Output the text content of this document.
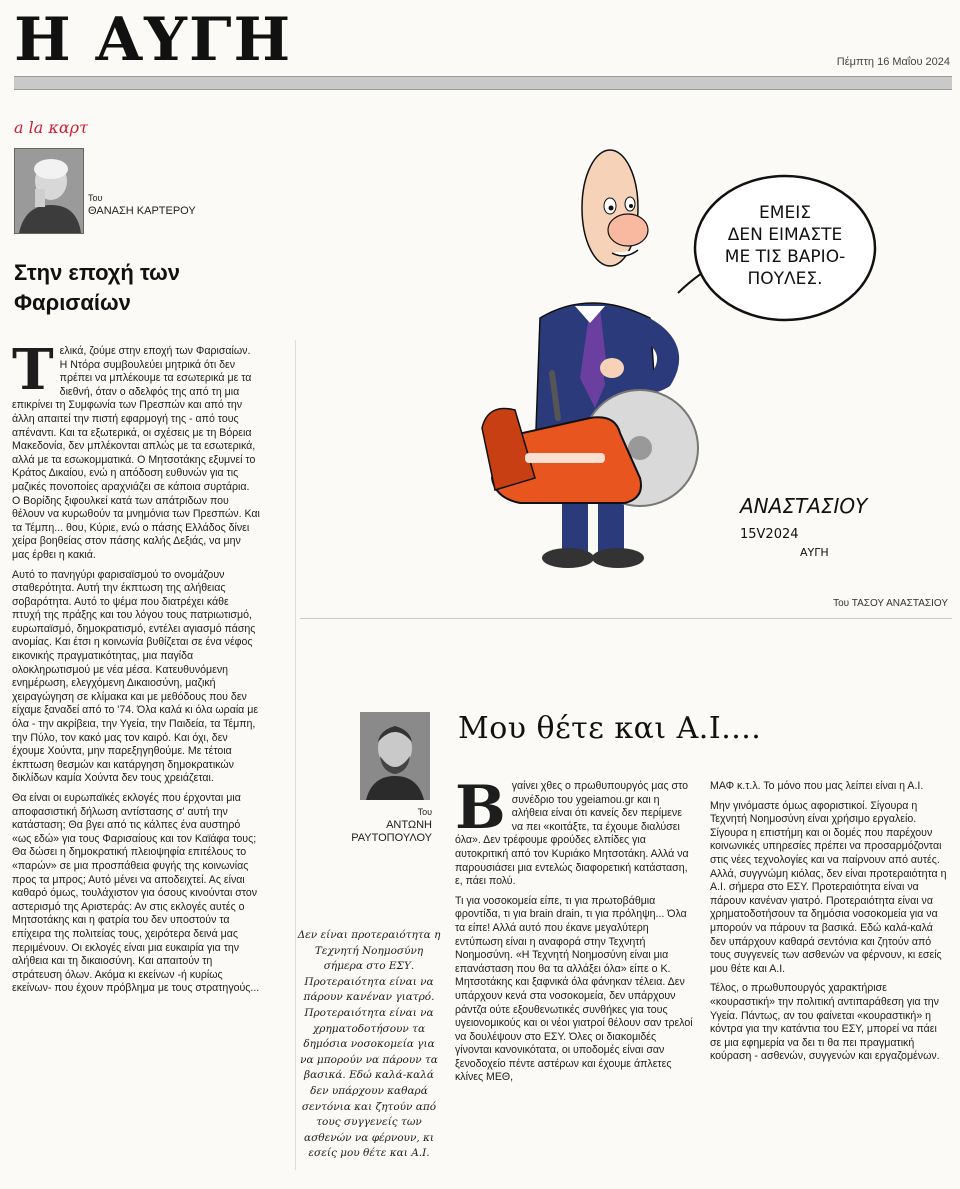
Η ΑΥΓΗ	Πέμπτη 16 Μαΐου 2024
a la καρτ
Του
ΘΑΝΑΣΗ ΚΑΡΤΕΡΟΥ
Στην εποχή των Φαρισαίων

Τελικά, ζούμε στην εποχή των Φαρισαίων. Η Ντόρα συμβουλεύει μητρικά ότι δεν πρέπει να μπλέκουμε τα εσωτερικά με τα διεθνή, όταν ο αδελφός της από τη μια επικρίνει τη Συμφωνία των Πρεσπών και από την άλλη απαιτεί την πιστή εφαρμογή της - από τους απέναντι. Και τα εξωτερικά, οι σχέσεις με τη Βόρεια Μακεδονία, δεν μπλέκονται απλώς με τα εσωτερικά, αλλά με τα εσωκομματικά. Ο Μητσοτάκης εξυμνεί το Κράτος Δικαίου, ενώ η απόδοση ευθυνών για τις μαζικές πονοποίες αραχνιάζει σε κάποια συρτάρια. Ο Βορίδης ξιφουλκεί κατά των απάτριδων που θέλουν να κυρωθούν τα μνημόνια των Πρεσπών. Και τα Τέμπη... θου, Κύριε, ενώ ο πάσης Ελλάδος δίνει χείρα βοηθείας στον πάσης καλής Δεξιάς, να μην μας έρθει η κακιά.

Αυτό το πανηγύρι φαρισαϊσμού το ονομάζουν σταθερότητα. Αυτή την έκπτωση της αλήθειας σοβαρότητα. Αυτό το ψέμα που διατρέχει κάθε πτυχή της πράξης και του λόγου τους πατριωτισμό, ευρωπαϊσμό, δημοκρατισμό, εντέλει αγιασμό πάσης ανομίας. Και έτσι η κοινωνία βυθίζεται σε ένα νέφος εικονικής πραγματικότητας, μια παγίδα ολοκληρωτισμού με νέα μέσα. Κατευθυνόμενη ενημέρωση, ελεγχόμενη Δικαιοσύνη, μαζική χειραγώγηση σε κλίμακα και με μεθόδους που δεν είχαμε ξαναδεί από το '74. Όλα καλά κι όλα ωραία με όλα - την ακρίβεια, την Υγεία, την Παιδεία, τα Τέμπη, την Πύλο, τον κακό μας τον καιρό. Και όχι, δεν έχουμε Χούντα, μην παρεξηγηθούμε. Με τέτοια έκπτωση θεσμών και κατάργηση δημοκρατικών δικλίδων καμία Χούντα δεν τους χρειάζεται.

Θα είναι οι ευρωπαϊκές εκλογές που έρχονται μια αποφασιστική δήλωση αντίστασης σ' αυτή την κατάσταση; Θα βγει από τις κάλπες ένα αυστηρό «ως εδώ» για τους Φαρισαίους και τον Καϊάφα τους; Θα δώσει η δημοκρατική πλειοψηφία επιτέλους το «παρών» σε μια προσπάθεια φυγής της κοινωνίας προς τα μπρος; Αυτό μένει να αποδειχτεί. Ας είναι καθαρό όμως, τουλάχιστον για όσους κινούνται στον αστερισμό της Αριστεράς: Αν στις εκλογές αυτές ο Μητσοτάκης και η φατρία του δεν υποστούν τα επίχειρα της πολιτείας τους, χειρότερα δεινά μας περιμένουν. Οι εκλογές είναι μια ευκαιρία για την αλήθεια και τη δικαιοσύνη. Και απαιτούν τη στράτευση όλων. Ακόμα κι εκείνων -ή κυρίως εκείνων- που έχουν πρόβλημα με τους στρατηγούς...

ΕΜΕΙΣ
ΔΕΝ ΕΙΜΑΣΤΕ
ΜΕ ΤΙΣ ΒΑΡΙΟ-
ΠΟΥΛΕΣ.
ΑΝΑΣΤΑΣΙΟΥ
15V2024
ΑΥΓΗ
Του ΤΑΣΟΥ ΑΝΑΣΤΑΣΙΟΥ
Του
ΑΝΤΩΝΗ ΡΑΥΤΟΠΟΥΛΟΥ
Μου θέτε και Α.Ι....
Δεν είναι προτεραιότητα η Τεχνητή Νοημοσύνη σήμερα στο ΕΣΥ. Προτεραιότητα είναι να πάρουν κανέναν γιατρό. Προτεραιότητα είναι να χρηματοδοτήσουν τα δημόσια νοσοκομεία για να μπορούν να πάρουν τα βασικά. Εδώ καλά-καλά δεν υπάρχουν καθαρά σεντόνια και ζητούν από τους συγγενείς των ασθενών να φέρνουν, κι εσείς μου θέτε και Α.Ι.

Βγαίνει χθες ο πρωθυπουργός μας στο συνέδριο του ygeiamou.gr και η αλήθεια είναι ότι κανείς δεν περίμενε να πει «κοιτάξτε, τα έχουμε διαλύσει όλα». Δεν τρέφουμε φρούδες ελπίδες για αυτοκριτική από τον Κυριάκο Μητσοτάκη. Αλλά να παρουσιάσει μια εντελώς διαφορετική κατάσταση, ε, πάει πολύ.

Τι για νοσοκομεία είπε, τι για πρωτοβάθμια φροντίδα, τι για brain drain, τι για πρόληψη... Όλα τα είπε! Αλλά αυτό που έκανε μεγαλύτερη εντύπωση είναι η αναφορά στην Τεχνητή Νοημοσύνη. «Η Τεχνητή Νοημοσύνη είναι μια επανάσταση που θα τα αλλάξει όλα» είπε ο Κ. Μητσοτάκης και ξαφνικά όλα φάνηκαν τέλεια. Δεν υπάρχουν κενά στα νοσοκομεία, δεν υπάρχουν ράντζα ούτε εξουθενωτικές συνθήκες για τους υγειονομικούς και οι νέοι γιατροί θέλουν σαν τρελοί να δουλέψουν στο ΕΣΥ. Όλες οι διακομιδές γίνονται κανονικότατα, οι υποδομές είναι σαν ξενοδοχείο πέντε αστέρων και έχουμε άπλετες κλίνες ΜΕΘ,

ΜΑΦ κ.τ.λ. Το μόνο που μας λείπει είναι η Α.Ι.

Μην γινόμαστε όμως αφοριστικοί. Σίγουρα η Τεχνητή Νοημοσύνη είναι χρήσιμο εργαλείο. Σίγουρα η επιστήμη και οι δομές που παρέχουν κοινωνικές υπηρεσίες πρέπει να προσαρμόζονται στις νέες τεχνολογίες και να παίρνουν από αυτές. Αλλά, συγγνώμη κιόλας, δεν είναι προτεραιότητα η Α.Ι. σήμερα στο ΕΣΥ. Προτεραιότητα είναι να πάρουν κανέναν γιατρό. Προτεραιότητα είναι να χρηματοδοτήσουν τα δημόσια νοσοκομεία για να μπορούν να πάρουν τα βασικά. Εδώ καλά-καλά δεν υπάρχουν καθαρά σεντόνια και ζητούν από τους συγγενείς των ασθενών να φέρνουν, κι εσείς μου θέτε και Α.Ι.

Τέλος, ο πρωθυπουργός χαρακτήρισε «κουραστική» την πολιτική αντιπαράθεση για την Υγεία. Πάντως, αν του φαίνεται «κουραστική» η κόντρα για την κατάντια του ΕΣΥ, μπορεί να πάει σε μια εφημερία να δει τι θα πει πραγματική κούραση - ασθενών, συγγενών και εργαζομένων.
